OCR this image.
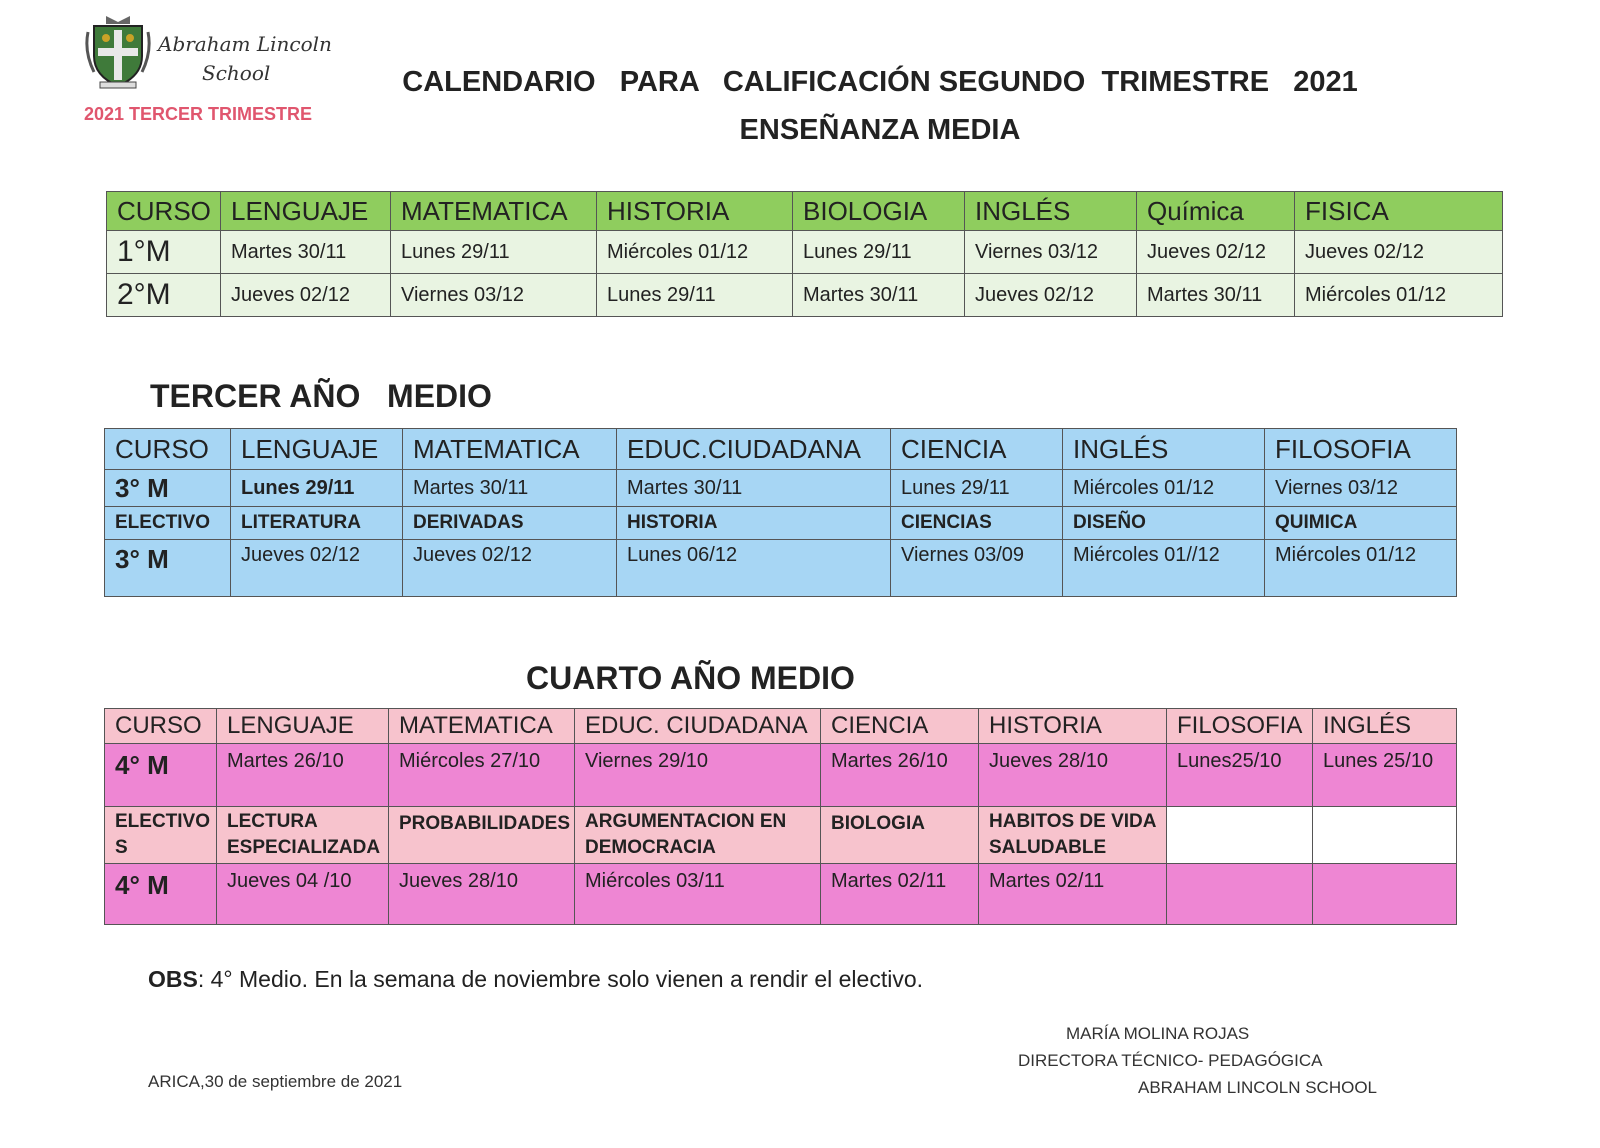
Abraham Lincoln
School
2021 TERCER TRIMESTRE
CALENDARIO   PARA   CALIFICACIÓN SEGUNDO  TRIMESTRE   2021
ENSEÑANZA MEDIA
CURSO	LENGUAJE	MATEMATICA	HISTORIA	BIOLOGIA	INGLÉS	Química	FISICA
1°M	Martes 30/11	Lunes 29/11	Miércoles 01/12	Lunes 29/11	Viernes 03/12	Jueves 02/12	Jueves 02/12
2°M	Jueves 02/12	Viernes 03/12	Lunes 29/11	Martes 30/11	Jueves 02/12	Martes 30/11	Miércoles 01/12
TERCER AÑO   MEDIO
CURSO	LENGUAJE	MATEMATICA	EDUC.CIUDADANA	CIENCIA	INGLÉS	FILOSOFIA
3° M	Lunes 29/11	Martes 30/11	Martes 30/11	Lunes 29/11	Miércoles 01/12	Viernes 03/12
ELECTIVO	LITERATURA	DERIVADAS	HISTORIA	CIENCIAS	DISEÑO	QUIMICA
3° M	Jueves 02/12	Jueves 02/12	Lunes 06/12	Viernes 03/09	Miércoles 01//12	Miércoles 01/12
CUARTO AÑO MEDIO
CURSO	LENGUAJE	MATEMATICA	EDUC. CIUDADANA	CIENCIA	HISTORIA	FILOSOFIA	INGLÉS
4° M	Martes 26/10	Miércoles 27/10	Viernes 29/10	Martes 26/10	Jueves 28/10	Lunes25/10	Lunes 25/10
ELECTIVO S	LECTURA ESPECIALIZADA	PROBABILIDADES	ARGUMENTACION EN DEMOCRACIA	BIOLOGIA	HABITOS DE VIDA SALUDABLE		
4° M	Jueves 04 /10	Jueves 28/10	Miércoles 03/11	Martes 02/11	Martes 02/11		
OBS: 4° Medio. En la semana de noviembre solo vienen a rendir el electivo.
MARÍA MOLINA ROJAS
DIRECTORA TÉCNICO- PEDAGÓGICA
ABRAHAM LINCOLN SCHOOL
ARICA,30 de septiembre de 2021
